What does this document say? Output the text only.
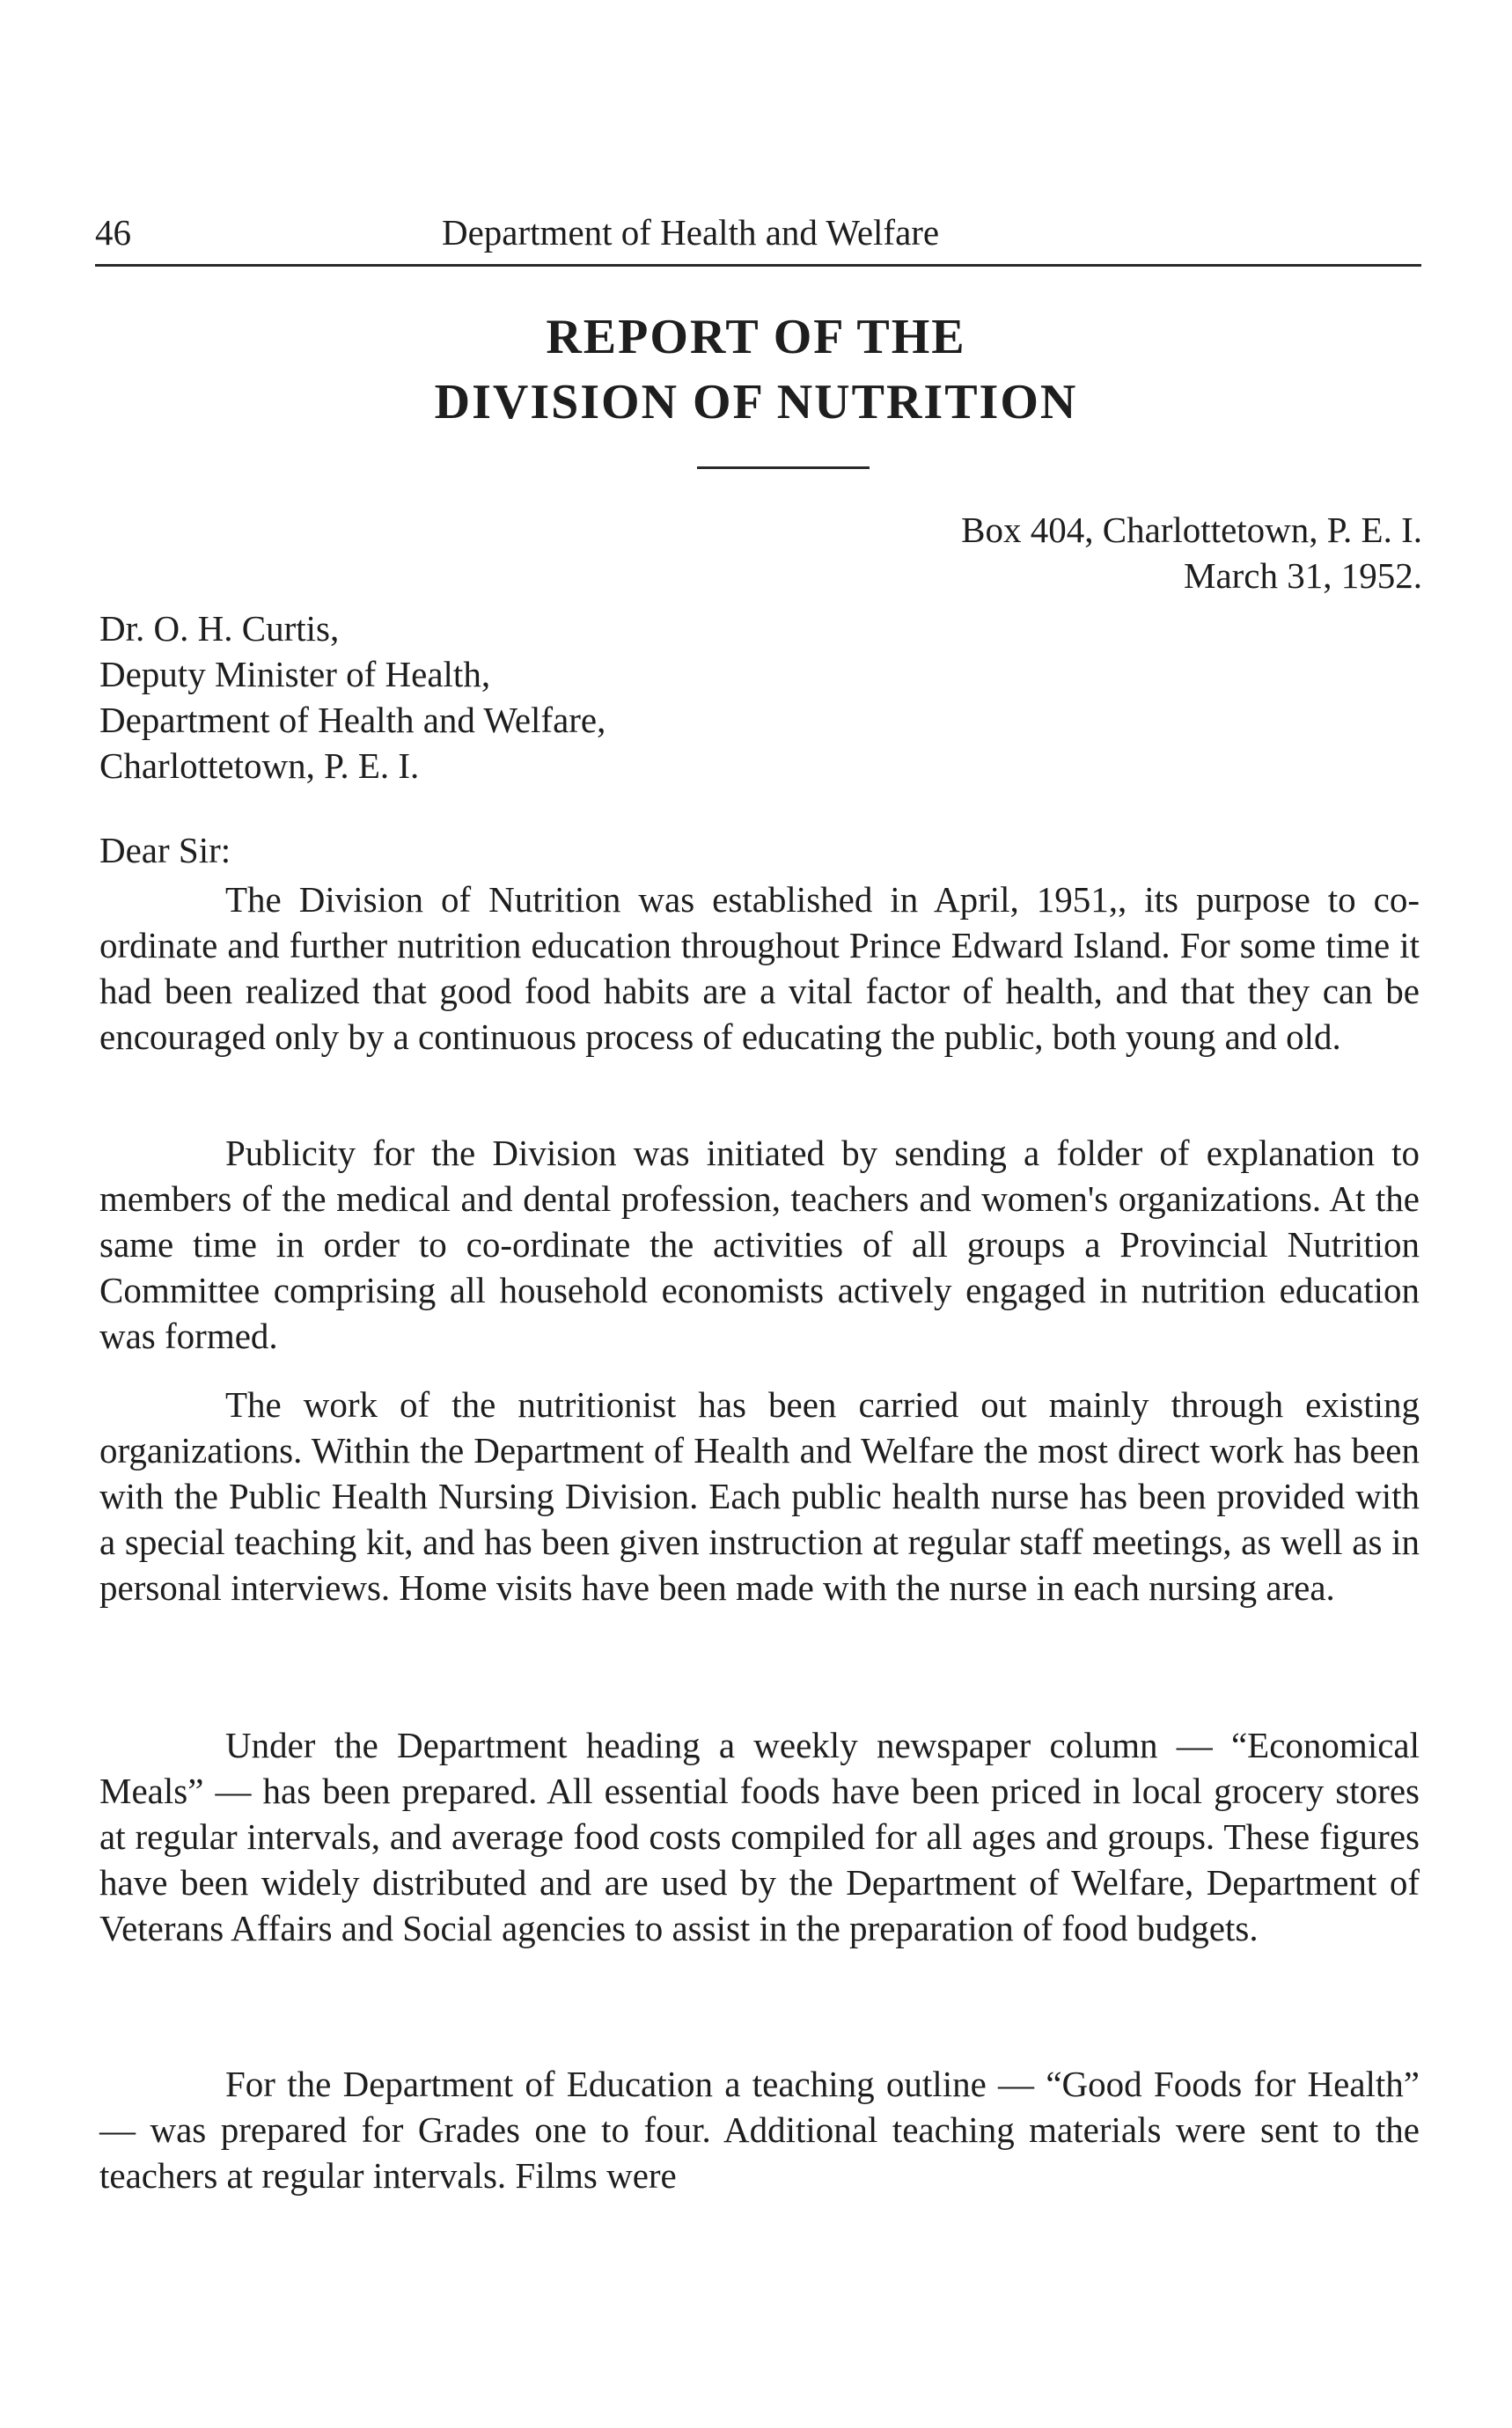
46	Department of Health and Welfare
REPORT OF THE
DIVISION OF NUTRITION
Box 404, Charlottetown, P. E. I.
March 31, 1952.
Dr. O. H. Curtis,
Deputy Minister of Health,
Department of Health and Welfare,
Charlottetown, P. E. I.
Dear Sir:

The Division of Nutrition was established in April, 1951,, its purpose to co-ordinate and further nutrition education throughout Prince Edward Island. For some time it had been realized that good food habits are a vital factor of health, and that they can be encouraged only by a continuous process of educating the public, both young and old.

Publicity for the Division was initiated by sending a folder of explanation to members of the medical and dental profession, teachers and women's organizations. At the same time in order to co-ordinate the activities of all groups a Provincial Nutrition Committee comprising all household economists actively engaged in nutrition education was formed.

The work of the nutritionist has been carried out mainly through existing organizations. Within the Department of Health and Welfare the most direct work has been with the Public Health Nursing Division. Each public health nurse has been provided with a special teaching kit, and has been given instruction at regular staff meetings, as well as in personal interviews. Home visits have been made with the nurse in each nursing area.

Under the Department heading a weekly newspaper column — “Economical Meals” — has been prepared. All essential foods have been priced in local grocery stores at regular intervals, and average food costs compiled for all ages and groups. These figures have been widely distributed and are used by the Department of Welfare, Department of Veterans Affairs and Social agencies to assist in the preparation of food budgets.

For the Department of Education a teaching outline — “Good Foods for Health” — was prepared for Grades one to four. Additional teaching materials were sent to the teachers at regular intervals. Films were
